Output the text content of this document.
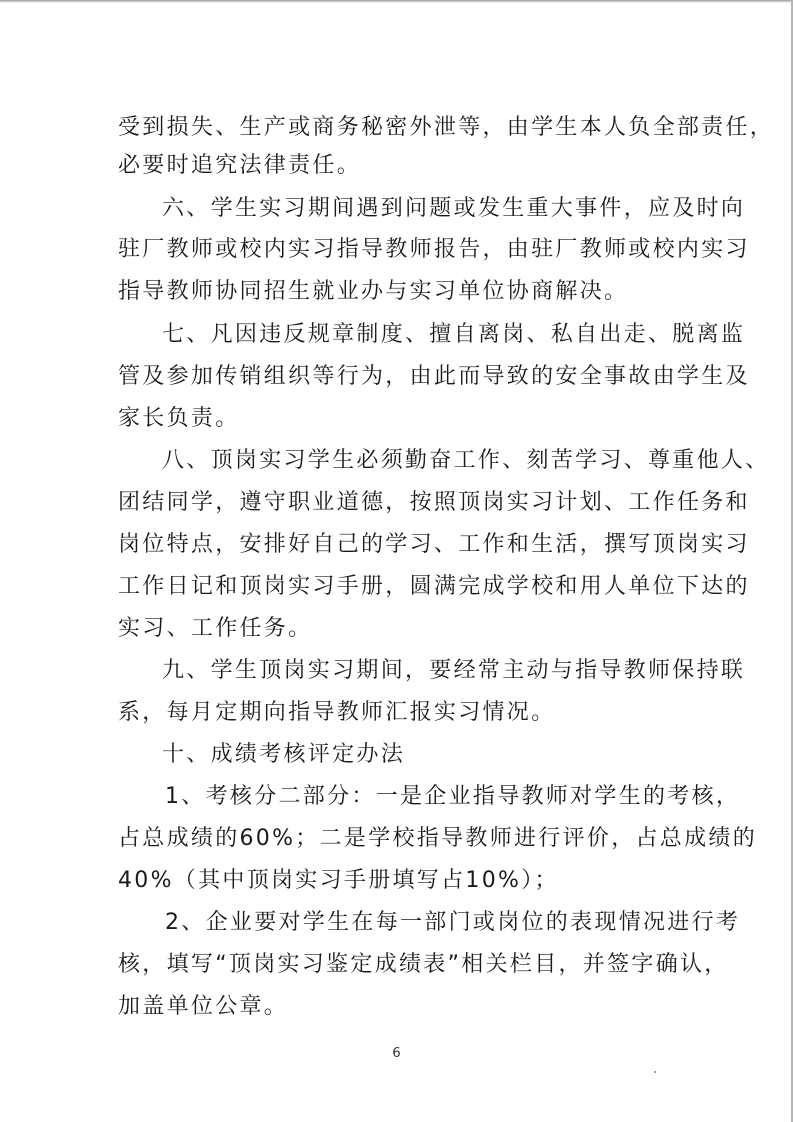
受到损失、生产或商务秘密外泄等，由学生本人负全部责任，
必要时追究法律责任。
六、学生实习期间遇到问题或发生重大事件，应及时向
驻厂教师或校内实习指导教师报告，由驻厂教师或校内实习
指导教师协同招生就业办与实习单位协商解决。
七、凡因违反规章制度、擅自离岗、私自出走、脱离监
管及参加传销组织等行为，由此而导致的安全事故由学生及
家长负责。
八、顶岗实习学生必须勤奋工作、刻苦学习、尊重他人、
团结同学，遵守职业道德，按照顶岗实习计划、工作任务和
岗位特点，安排好自己的学习、工作和生活，撰写顶岗实习
工作日记和顶岗实习手册，圆满完成学校和用人单位下达的
实习、工作任务。
九、学生顶岗实习期间，要经常主动与指导教师保持联
系，每月定期向指导教师汇报实习情况。
十、成绩考核评定办法
1、考核分二部分：一是企业指导教师对学生的考核，
占总成绩的60%；二是学校指导教师进行评价，占总成绩的
40%（其中顶岗实习手册填写占10%）；
2、企业要对学生在每一部门或岗位的表现情况进行考
核，填写“顶岗实习鉴定成绩表”相关栏目，并签字确认，
加盖单位公章。
6
